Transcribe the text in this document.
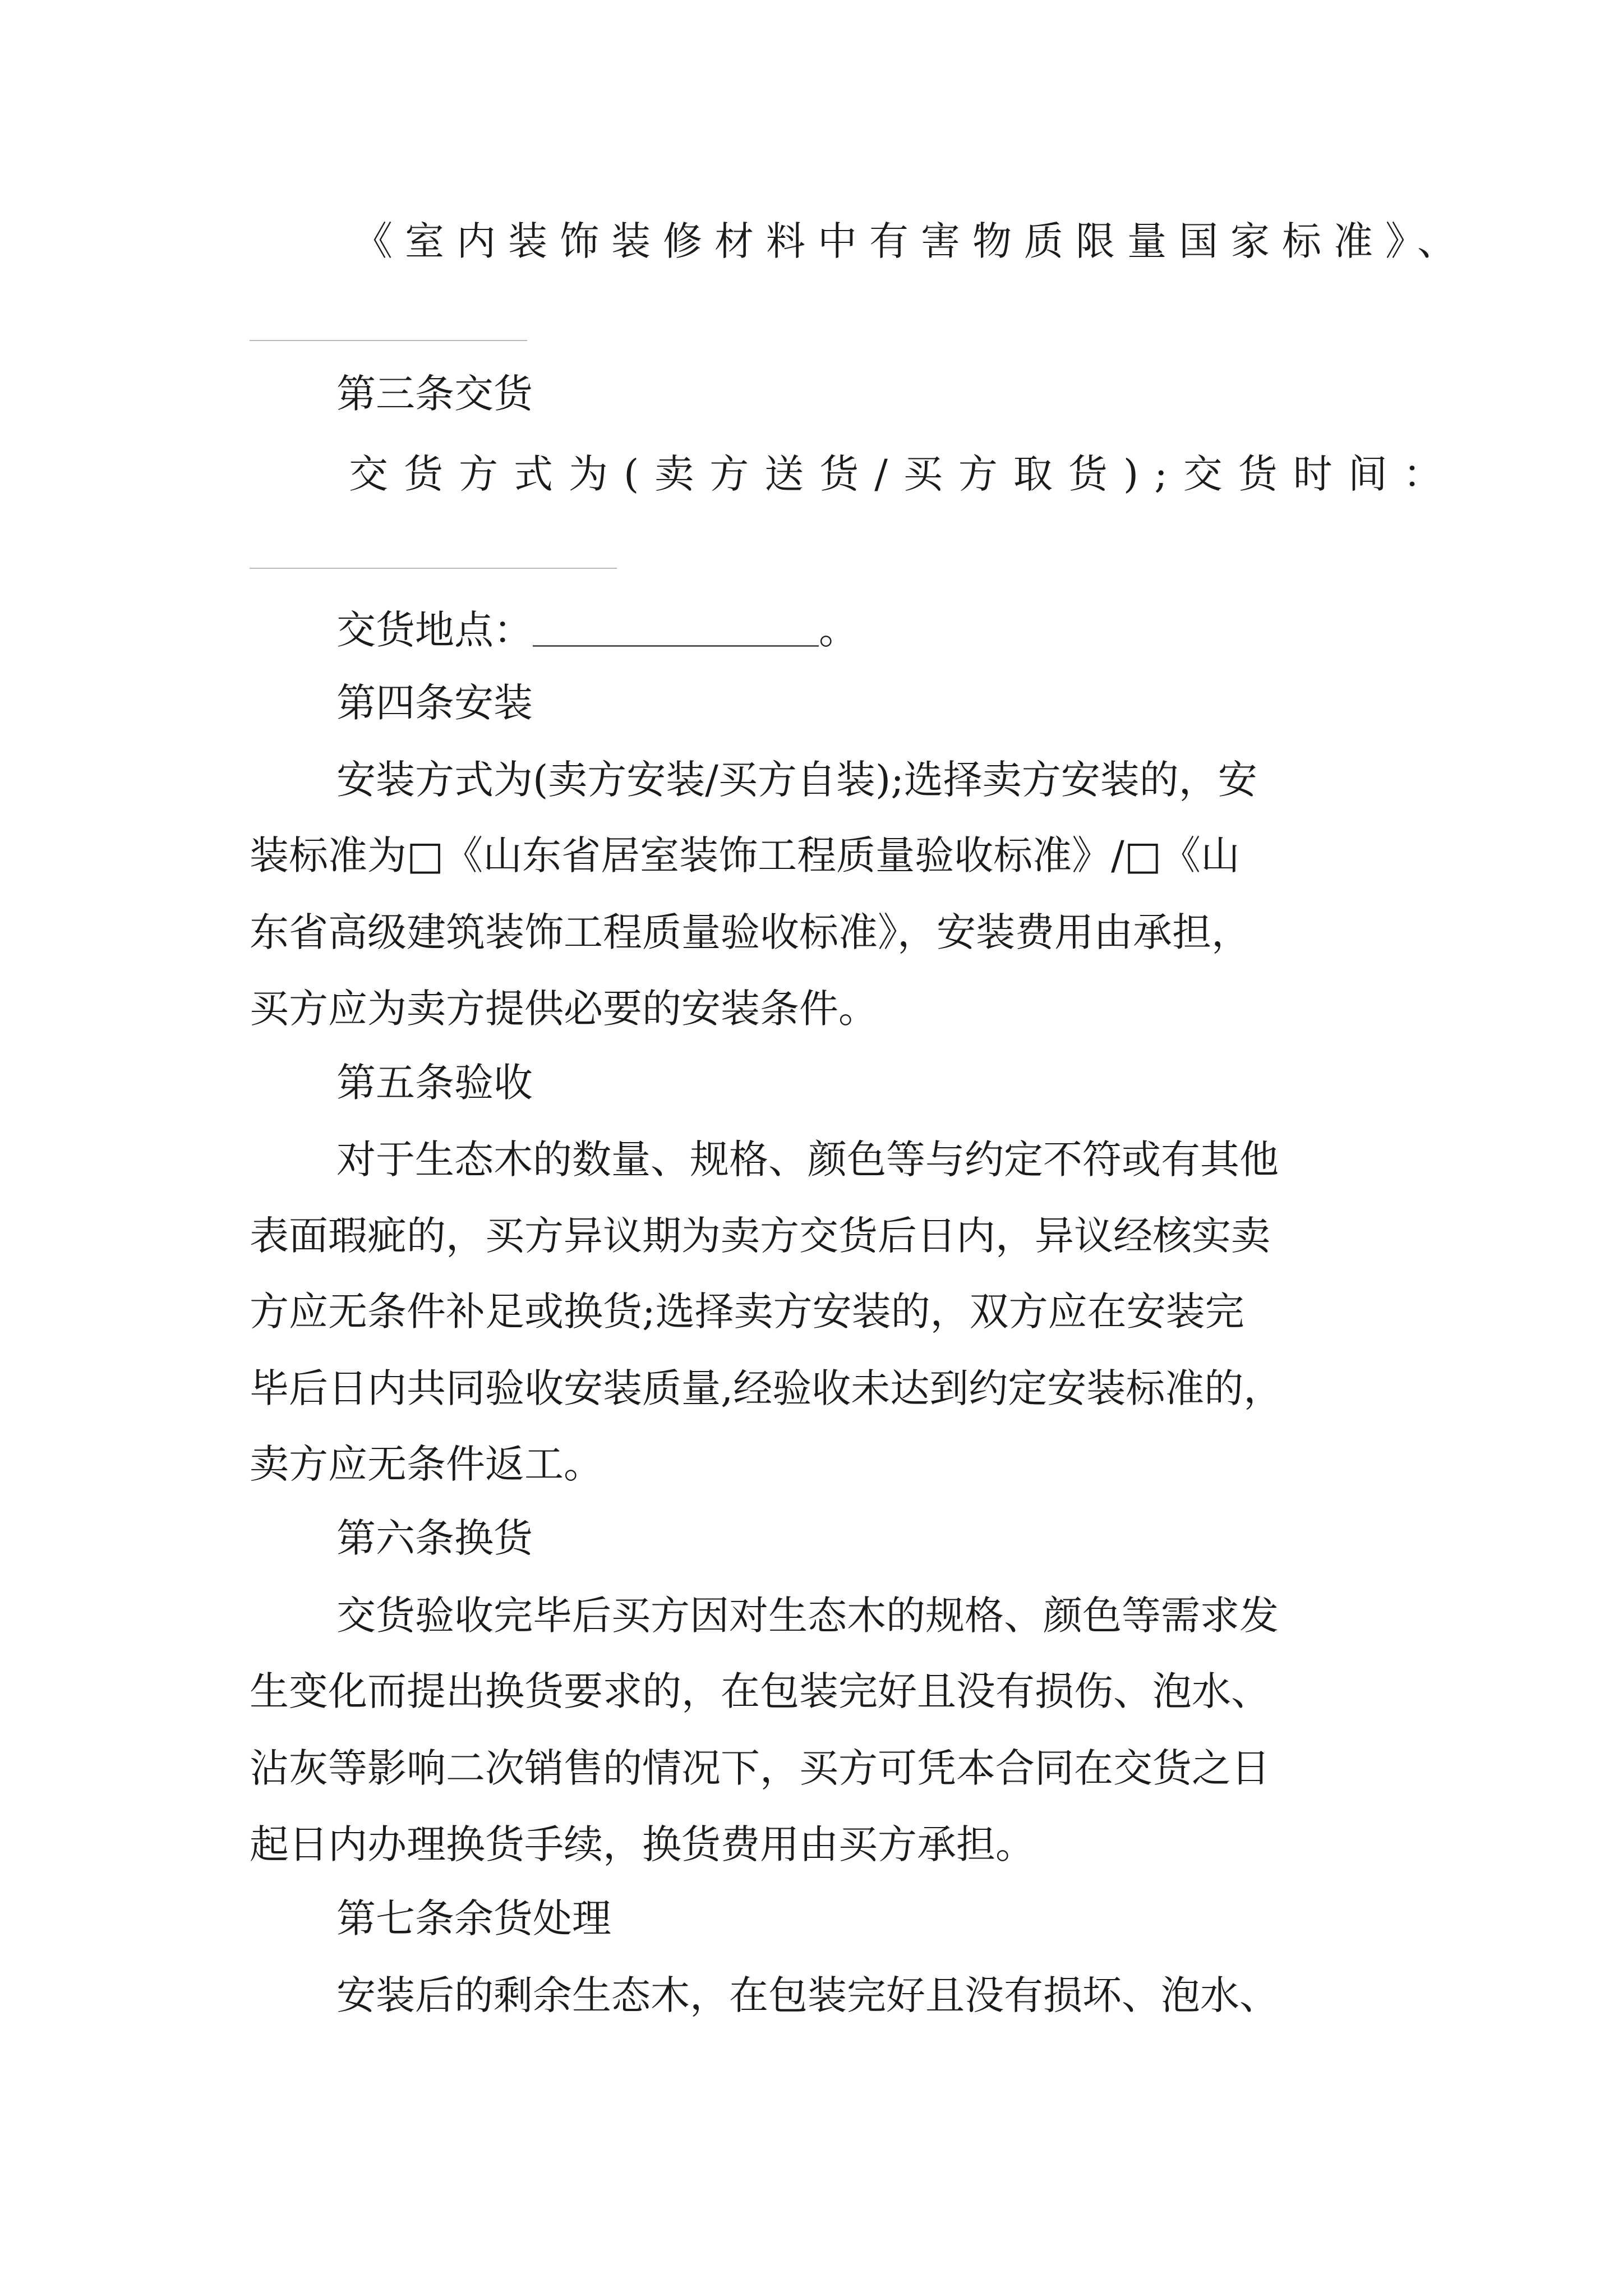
《室内装饰装修材料中有害物质限量国家标准》、
第三条交货
交货方式为(卖方送货/买方取货);交货时间：
交货地点：	。
第四条安装
安装方式为(卖方安装/买方自装);选择卖方安装的，安
装标准为□《山东省居室装饰工程质量验收标准》/□《山
东省高级建筑装饰工程质量验收标准》，安装费用由承担，
买方应为卖方提供必要的安装条件。
第五条验收
对于生态木的数量、规格、颜色等与约定不符或有其他
表面瑕疵的，买方异议期为卖方交货后日内，异议经核实卖
方应无条件补足或换货;选择卖方安装的，双方应在安装完
毕后日内共同验收安装质量,经验收未达到约定安装标准的，
卖方应无条件返工。
第六条换货
交货验收完毕后买方因对生态木的规格、颜色等需求发
生变化而提出换货要求的，在包装完好且没有损伤、泡水、
沾灰等影响二次销售的情况下，买方可凭本合同在交货之日
起日内办理换货手续，换货费用由买方承担。
第七条余货处理
安装后的剩余生态木，在包装完好且没有损坏、泡水、
